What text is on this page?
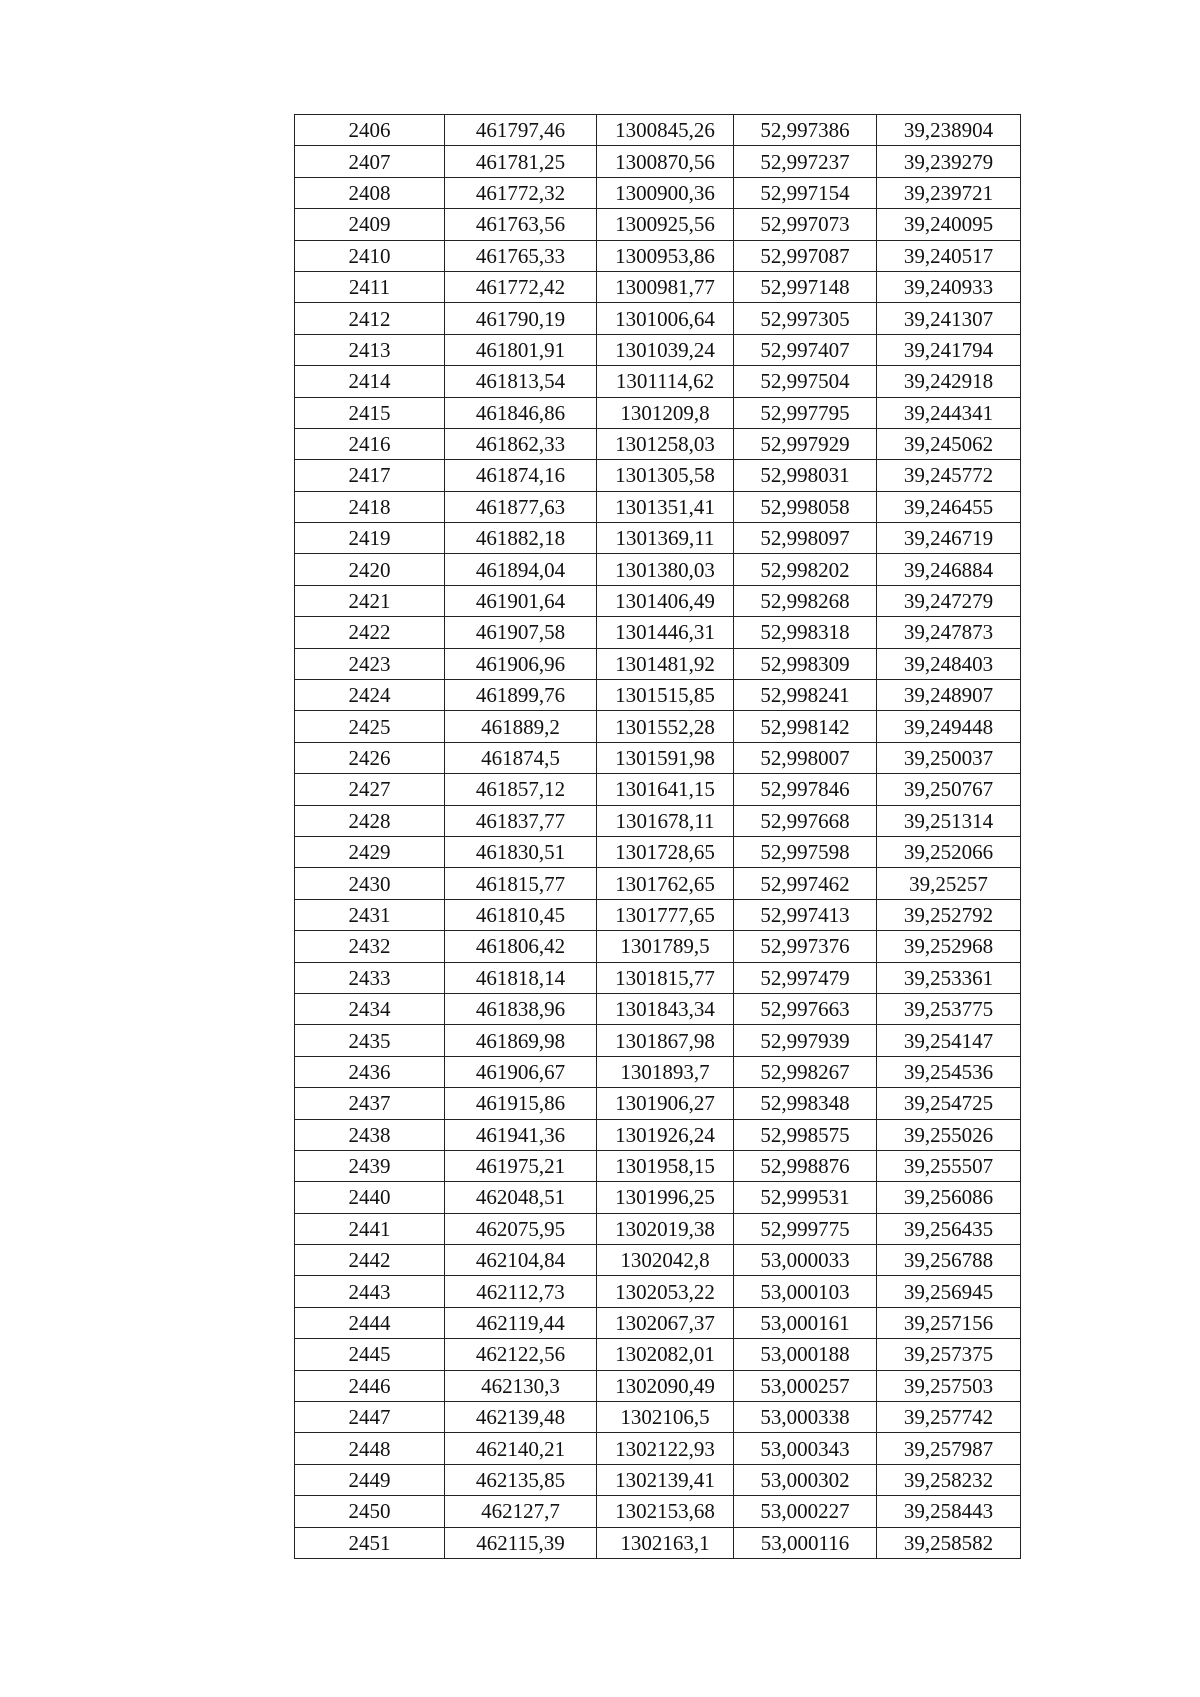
2406	461797,46	1300845,26	52,997386	39,238904
2407	461781,25	1300870,56	52,997237	39,239279
2408	461772,32	1300900,36	52,997154	39,239721
2409	461763,56	1300925,56	52,997073	39,240095
2410	461765,33	1300953,86	52,997087	39,240517
2411	461772,42	1300981,77	52,997148	39,240933
2412	461790,19	1301006,64	52,997305	39,241307
2413	461801,91	1301039,24	52,997407	39,241794
2414	461813,54	1301114,62	52,997504	39,242918
2415	461846,86	1301209,8	52,997795	39,244341
2416	461862,33	1301258,03	52,997929	39,245062
2417	461874,16	1301305,58	52,998031	39,245772
2418	461877,63	1301351,41	52,998058	39,246455
2419	461882,18	1301369,11	52,998097	39,246719
2420	461894,04	1301380,03	52,998202	39,246884
2421	461901,64	1301406,49	52,998268	39,247279
2422	461907,58	1301446,31	52,998318	39,247873
2423	461906,96	1301481,92	52,998309	39,248403
2424	461899,76	1301515,85	52,998241	39,248907
2425	461889,2	1301552,28	52,998142	39,249448
2426	461874,5	1301591,98	52,998007	39,250037
2427	461857,12	1301641,15	52,997846	39,250767
2428	461837,77	1301678,11	52,997668	39,251314
2429	461830,51	1301728,65	52,997598	39,252066
2430	461815,77	1301762,65	52,997462	39,25257
2431	461810,45	1301777,65	52,997413	39,252792
2432	461806,42	1301789,5	52,997376	39,252968
2433	461818,14	1301815,77	52,997479	39,253361
2434	461838,96	1301843,34	52,997663	39,253775
2435	461869,98	1301867,98	52,997939	39,254147
2436	461906,67	1301893,7	52,998267	39,254536
2437	461915,86	1301906,27	52,998348	39,254725
2438	461941,36	1301926,24	52,998575	39,255026
2439	461975,21	1301958,15	52,998876	39,255507
2440	462048,51	1301996,25	52,999531	39,256086
2441	462075,95	1302019,38	52,999775	39,256435
2442	462104,84	1302042,8	53,000033	39,256788
2443	462112,73	1302053,22	53,000103	39,256945
2444	462119,44	1302067,37	53,000161	39,257156
2445	462122,56	1302082,01	53,000188	39,257375
2446	462130,3	1302090,49	53,000257	39,257503
2447	462139,48	1302106,5	53,000338	39,257742
2448	462140,21	1302122,93	53,000343	39,257987
2449	462135,85	1302139,41	53,000302	39,258232
2450	462127,7	1302153,68	53,000227	39,258443
2451	462115,39	1302163,1	53,000116	39,258582
